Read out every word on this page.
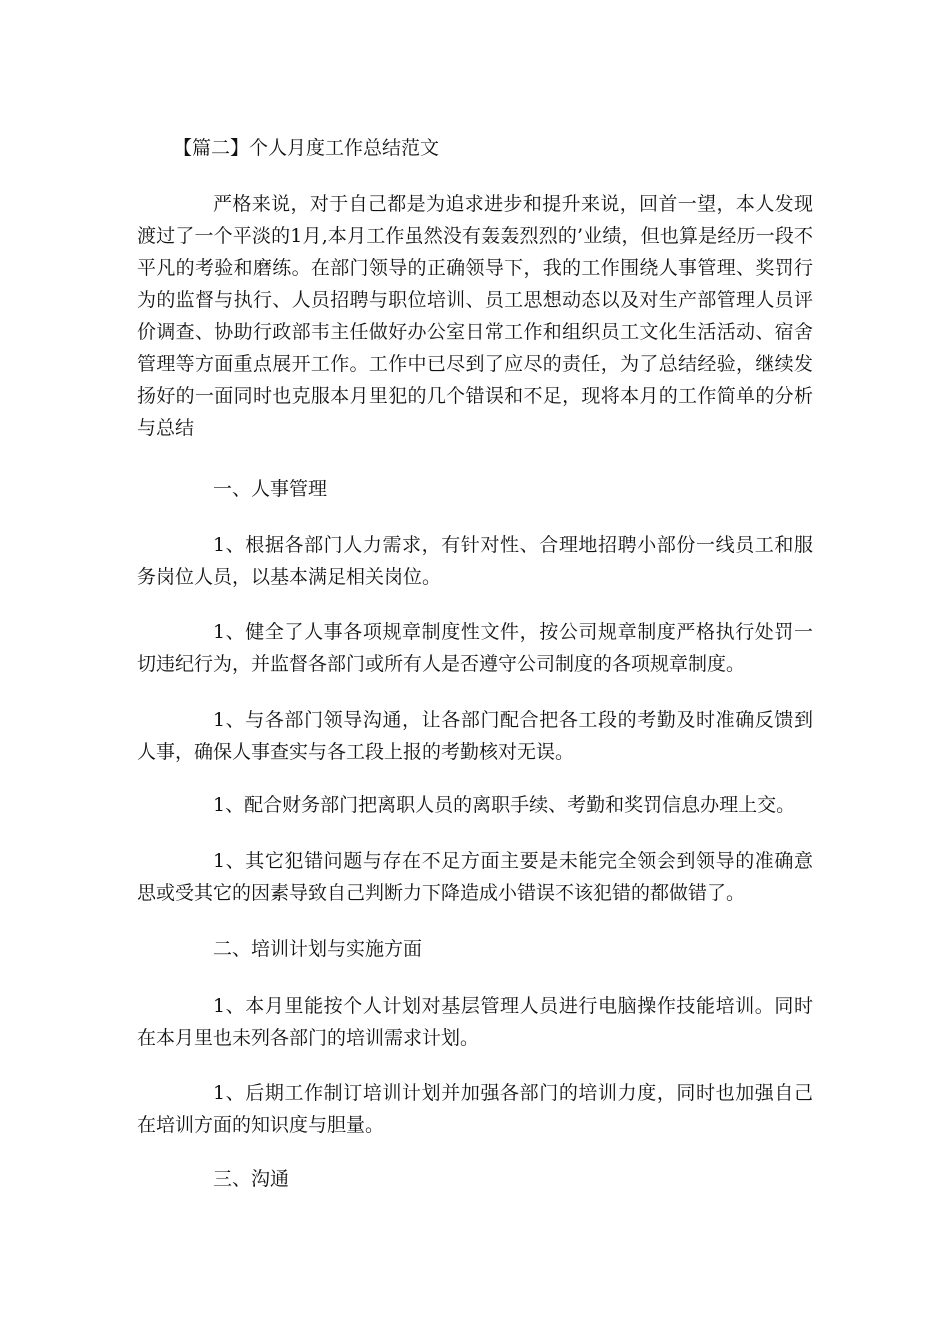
【篇二】个人月度工作总结范文

严格来说，对于自己都是为追求进步和提升来说，回首一望，本人发现渡过了一个平淡的1月,本月工作虽然没有轰轰烈烈的’业绩，但也算是经历一段不平凡的考验和磨练。在部门领导的正确领导下，我的工作围绕人事管理、奖罚行为的监督与执行、人员招聘与职位培训、员工思想动态以及对生产部管理人员评价调查、协助行政部韦主任做好办公室日常工作和组织员工文化生活活动、宿舍管理等方面重点展开工作。工作中已尽到了应尽的责任，为了总结经验，继续发扬好的一面同时也克服本月里犯的几个错误和不足，现将本月的工作简单的分析与总结

一、人事管理

1、根据各部门人力需求，有针对性、合理地招聘小部份一线员工和服务岗位人员，以基本满足相关岗位。

1、健全了人事各项规章制度性文件，按公司规章制度严格执行处罚一切违纪行为，并监督各部门或所有人是否遵守公司制度的各项规章制度。

1、与各部门领导沟通，让各部门配合把各工段的考勤及时准确反馈到人事，确保人事查实与各工段上报的考勤核对无误。

1、配合财务部门把离职人员的离职手续、考勤和奖罚信息办理上交。

1、其它犯错问题与存在不足方面主要是未能完全领会到领导的准确意思或受其它的因素导致自己判断力下降造成小错误不该犯错的都做错了。

二、培训计划与实施方面

1、本月里能按个人计划对基层管理人员进行电脑操作技能培训。同时在本月里也未列各部门的培训需求计划。

1、后期工作制订培训计划并加强各部门的培训力度，同时也加强自己在培训方面的知识度与胆量。

三、沟通
